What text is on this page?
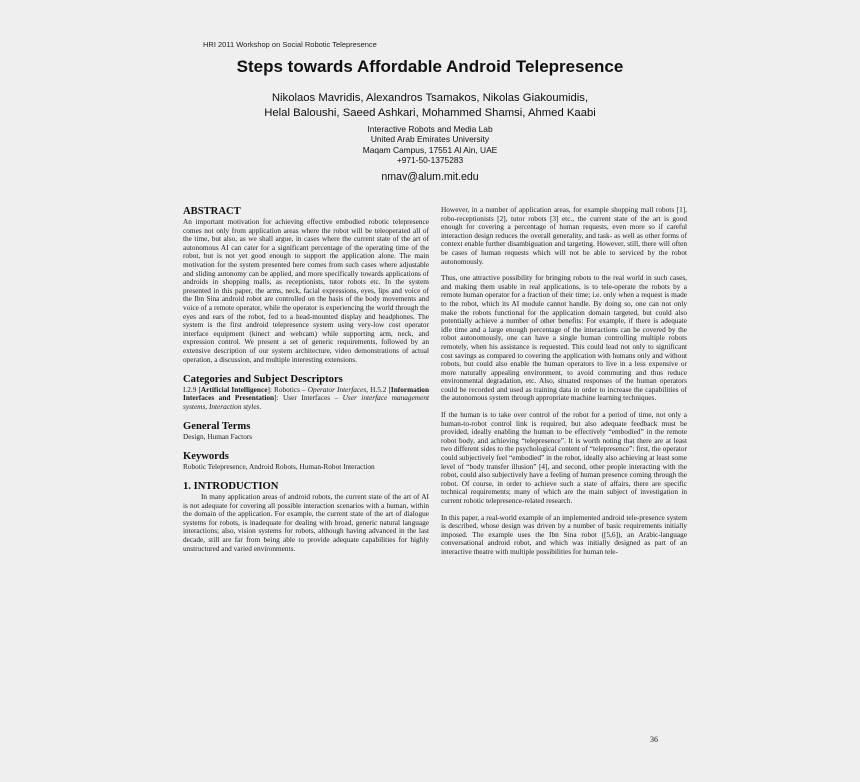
HRI 2011 Workshop on Social Robotic Telepresence
Steps towards Affordable Android Telepresence
Nikolaos Mavridis, Alexandros Tsamakos, Nikolas Giakoumidis,
Helal Baloushi, Saeed Ashkari, Mohammed Shamsi, Ahmed Kaabi
Interactive Robots and Media Lab
United Arab Emirates University
Maqam Campus, 17551 Al Ain, UAE
+971-50-1375283
nmav@alum.mit.edu
ABSTRACT

An important motivation for achieving effective embodied robotic telepresence comes not only from application areas where the robot will be teleoperated all of the time, but also, as we shall argue, in cases where the current state of the art of autonomous AI can cater for a significant percentage of the operating time of the robot, but is not yet good enough to support the application alone. The main motivation for the system presented here comes from such cases where adjustable and sliding autonomy can be applied, and more specifically towards applications of androids in shopping malls, as receptionists, tutor robots etc. In the system presented in this paper, the arms, neck, facial expressions, eyes, lips and voice of the Ibn Sina android robot are controlled on the basis of the body movements and voice of a remote operator, while the operator is experiencing the world through the eyes and ears of the robot, fed to a head-mounted display and headphones. The system is the first android telepresence system using very-low cost operator interface equipment (kinect and webcam) while supporting arm, neck, and expression control. We present a set of generic requirements, followed by an extensive description of our system architecture, video demonstrations of actual operation, a discussion, and multiple interesting extensions.

Categories and Subject Descriptors

I.2.9 [Artificial Intelligence]: Robotics – Operator Interfaces, H.5.2 [Information Interfaces and Presentation]: User Interfaces – User interface management systems, Interaction styles.

General Terms

Design, Human Factors

Keywords

Robotic Telepresence, Android Robots, Human-Robot Interaction

1. INTRODUCTION

In many application areas of android robots, the current state of the art of AI is not adequate for covering all possible interaction scenarios with a human, within the domain of the application. For example, the current state of the art of dialogue systems for robots, is inadequate for dealing with broad, generic natural language interactions; also, vision systems for robots, although having advanced in the last decade, still are far from being able to provide adequate capabilities for highly unstructured and varied environments.

However, in a number of application areas, for example shopping mall robots [1], robo-receptionists [2], tutor robots [3] etc., the current state of the art is good enough for covering a percentage of human requests, even more so if careful interaction design reduces the overall generality, and task- as well as other forms of context enable further disambiguation and targeting. However, still, there will often be cases of human requests which will not be able to serviced by the robot autonomously.

Thus, one attractive possibility for bringing robots to the real world in such cases, and making them usable in real applications, is to tele-operate the robots by a remote human operator for a fraction of their time; i.e. only when a request is made to the robot, which its AI module cannot handle. By doing so, one can not only make the robots functional for the application domain targeted, but could also potentially achieve a number of other benefits: For example, if there is adequate idle time and a large enough percentage of the interactions can be covered by the robot autonomously, one can have a single human controlling multiple robots remotely, when his assistance is requested. This could lead not only to significant cost savings as compared to covering the application with humans only and without robots, but could also enable the human operators to live in a less expensive or more naturally appealing environment, to avoid commuting and thus reduce environmental degradation, etc. Also, situated responses of the human operators could be recorded and used as training data in order to increase the capabilities of the autonomous system through appropriate machine learning techniques.

If the human is to take over control of the robot for a period of time, not only a human-to-robot control link is required, but also adequate feedback must be provided, ideally enabling the human to be effectively “embodied” in the remote robot body, and achieving “telepresence”. It is worth noting that there are at least two different sides to the psychological content of “telepresence”: first, the operator could subjectively feel “embodied” in the robot, ideally also achieving at least some level of “body transfer illusion” [4], and second, other people interacting with the robot, could also subjectively have a feeling of human presence coming through the robot. Of course, in order to achieve such a state of affairs, there are specific technical requirements; many of which are the main subject of investigation in current robotic telepresence-related research.

In this paper, a real-world example of an implemented android tele-presence system is described, whose design was driven by a number of basic requirements initially imposed. The example uses the Ibn Sina robot ([5,6]), an Arabic-language conversational android robot, and which was initially designed as part of an interactive theatre with multiple possibilities for human tele-

36
